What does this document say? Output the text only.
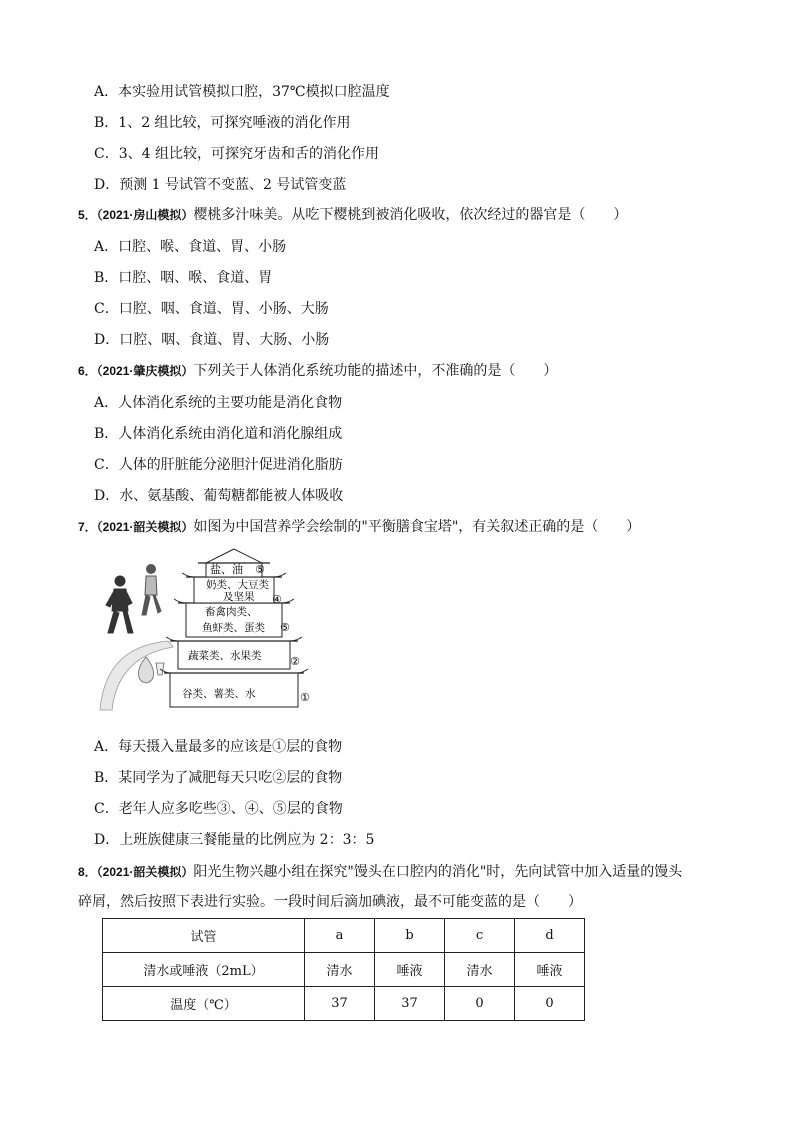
A．本实验用试管模拟口腔，37℃模拟口腔温度
B．1、2 组比较，可探究唾液的消化作用
C．3、4 组比较，可探究牙齿和舌的消化作用
D．预测 1 号试管不变蓝、2 号试管变蓝
5．（2021·房山模拟）樱桃多汁味美。从吃下樱桃到被消化吸收，依次经过的器官是（　　）
A．口腔、喉、食道、胃、小肠
B．口腔、咽、喉、食道、胃
C．口腔、咽、食道、胃、小肠、大肠
D．口腔、咽、食道、胃、大肠、小肠
6．（2021·肇庆模拟）下列关于人体消化系统功能的描述中，不准确的是（　　）
A．人体消化系统的主要功能是消化食物
B．人体消化系统由消化道和消化腺组成
C．人体的肝脏能分泌胆汁促进消化脂肪
D．水、氨基酸、葡萄糖都能被人体吸收
7．（2021·韶关模拟）如图为中国营养学会绘制的"平衡膳食宝塔"，有关叙述正确的是（　　）
盐、油 ⑤
奶类、大豆类
及坚果 ④
畜禽肉类、
鱼虾类、蛋类 ⑤
蔬菜类、水果类	②
谷类、薯类、水	①
A．每天摄入量最多的应该是①层的食物
B．某同学为了减肥每天只吃②层的食物
C．老年人应多吃些③、④、⑤层的食物
D．上班族健康三餐能量的比例应为 2：3：5
8．（2021·韶关模拟）阳光生物兴趣小组在探究"馒头在口腔内的消化"时，先向试管中加入适量的馒头
碎屑，然后按照下表进行实验。一段时间后滴加碘液，最不可能变蓝的是（　　）
试管	a	b	c	d
清水或唾液（2mL）	清水	唾液	清水	唾液
温度（℃）	37	37	0	0
